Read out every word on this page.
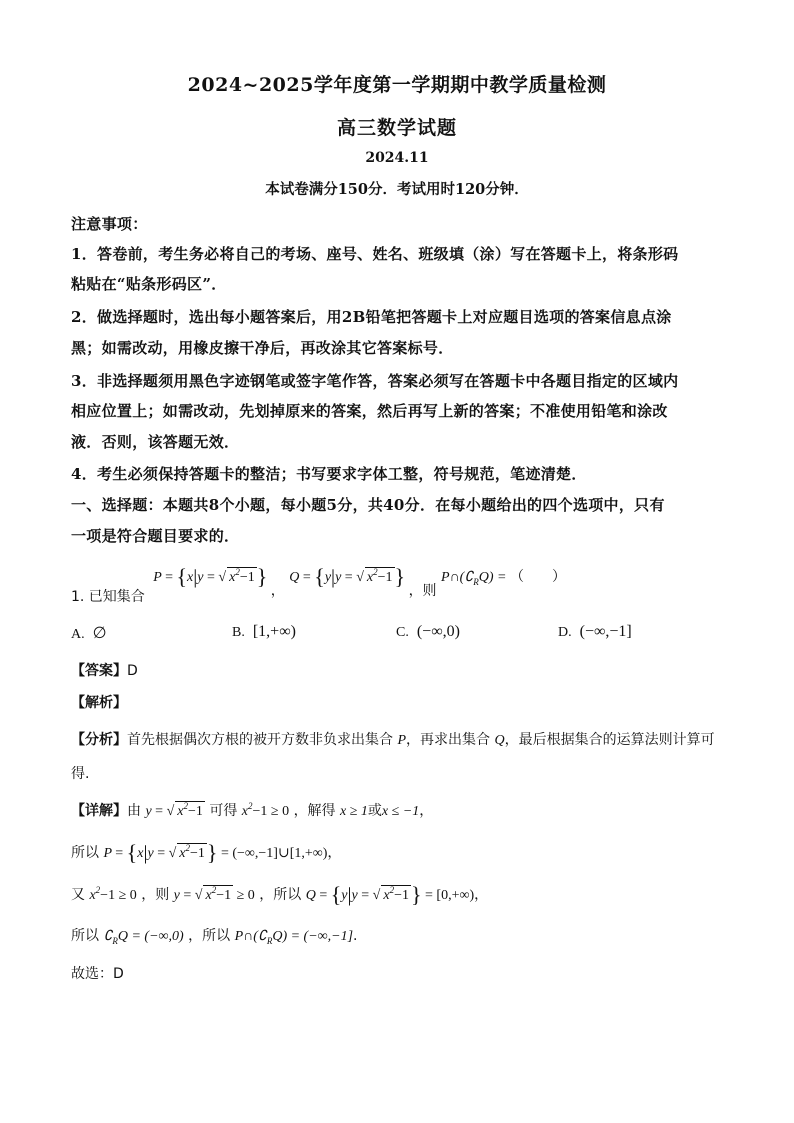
2024~2025学年度第一学期期中教学质量检测
高三数学试题
2024.11
本试卷满分150分．考试用时120分钟．
注意事项：
1．答卷前，考生务必将自己的考场、座号、姓名、班级填（涂）写在答题卡上，将条形码
粘贴在“贴条形码区”．
2．做选择题时，选出每小题答案后，用2B铅笔把答题卡上对应题目选项的答案信息点涂
黑；如需改动，用橡皮擦干净后，再改涂其它答案标号．
3．非选择题须用黑色字迹钢笔或签字笔作答，答案必须写在答题卡中各题目指定的区域内
相应位置上；如需改动，先划掉原来的答案，然后再写上新的答案；不准使用铅笔和涂改
液．否则，该答题无效．
4．考生必须保持答题卡的整洁；书写要求字体工整，符号规范，笔迹清楚．
一、选择题：本题共8个小题，每小题5分，共40分．在每小题给出的四个选项中，只有
一项是符合题目要求的．
1. 已知集合 P = {x|y = √ $x^2-1$} ， Q = {y|y = √ $x^2-1$} ，则 $P\cap(∁_RQ)$ = （　　）
A. ∅	B. [1,+∞)	C. (−∞,0)	D. (−∞,−1]
【答案】D
【解析】
【分析】首先根据偶次方根的被开方数非负求出集合 P，再求出集合 Q，最后根据集合的运算法则计算可
得.
【详解】由 y = √ $x^2-1$ 可得 $x^2-1 \ge 0$ ，解得 x ≥ 1或x ≤ −1，
所以 P = {x|y = √ $x^2-1$} = (−∞,−1]∪[1,+∞)，
又 $x^2-1 \ge 0$ ，则 y = √ $x^2-1 \ge 0$ ，所以 Q = {y|y = √ $x^2-1\} = [0,+\infty)$，
所以 $∁_RQ = (-\infty,0)$ ，所以 $P\cap(∁_RQ) = (-\infty,-1]$.
故选：D
